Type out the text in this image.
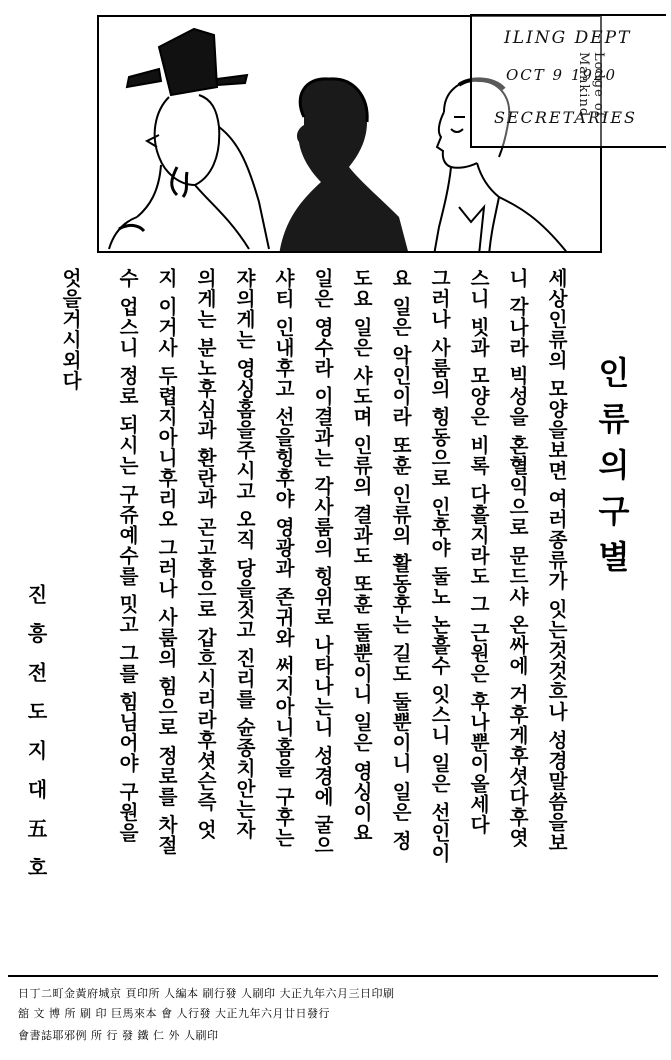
ILING DEPT
OCT 9 1920
SECRETARIES
Lodge of Mankind
인류의구별
세상인류의 모양을보면 여러종류가 잇는것것흐나 성경말씀을보
니 각나라 빅성을 혼혈익으로 문드샤 온싸에 거후게후셧다후엿
스니 빗과 모양은 비록 다흘지라도 그 근원은 후나뿐이올세다
그러나 사룸의 힝동으로 인후야 둘노 논흘수 잇스니 일은 선인이
요 일은 악인이라 또훈 인류의 활동후는 길도 둘뿐이니 일은 정
도요 일은 샤도며 인류의 결과도 또훈 둘뿐이니 일은 영싱이요
일은 영수라 이결과는 각사룸의 힝위로 나타나는니 성경에 굴으
샤티 인내후고 선을힝후야 영광과 존귀와 써지아니홈을 구후는
쟈의게는 영싱홈을주시고 오직 당을짓고 진리를 슌종치안는자
의게는 분노후심과 환란과 곤고홈으로 갑흐시리라후셧슨즉 엇
지 이거사 두렵지아니후리오 그러나 사룸의 힘으로 정로를 차절
수 업스니 정로 되시는 구쥬예수를 밋고 그를 힘님어야 구원을
엇을거시외다
진흥전도지대五호
日丁二町金黃府城京 頁印所 人編本 刷行發 人刷印 大正九年六月三日印刷
舘 文 博 所 刷 印 巨馬來本 會 人行發 大正九年六月廿日發行
會書誌耶邪例 所 行 發 鐵 仁 外 人刷印
